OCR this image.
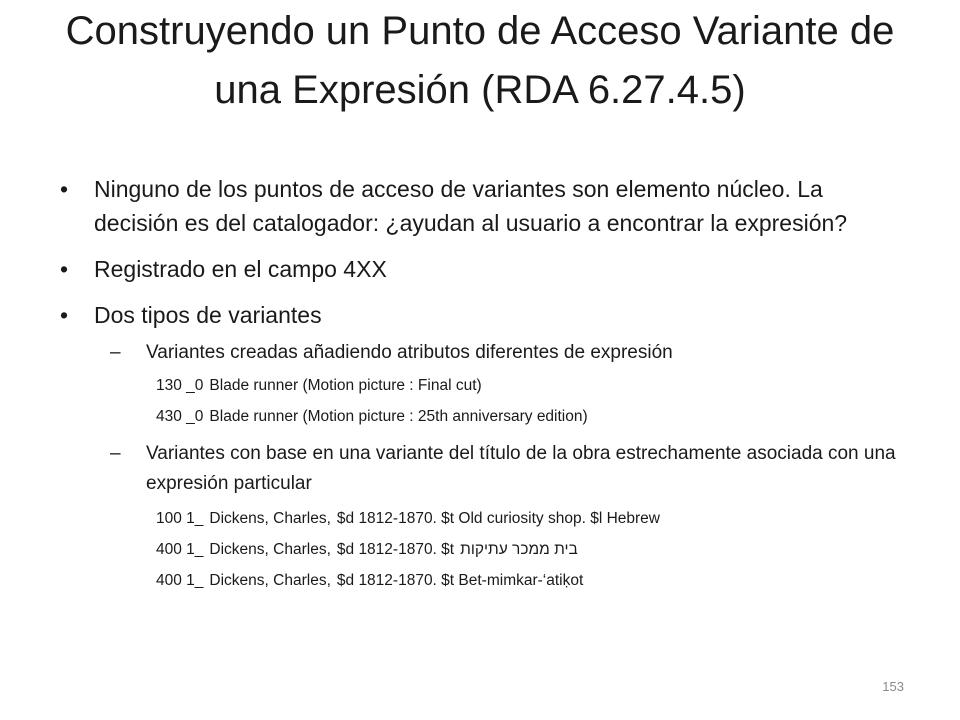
Construyendo un Punto de Acceso Variante de una Expresión (RDA 6.27.4.5)
• Ninguno de los puntos de acceso de variantes son elemento núcleo. La decisión es del catalogador: ¿ayudan al usuario a encontrar la expresión?
• Registrado en el campo 4XX
• Dos tipos de variantes
– Variantes creadas añadiendo atributos diferentes de expresión
130 _0 Blade runner (Motion picture : Final cut)
430 _0 Blade runner (Motion picture : 25th anniversary edition)
– Variantes con base en una variante del título de la obra estrechamente asociada con una expresión particular
100 1_ Dickens, Charles, $d 1812-1870. $t Old curiosity shop. $l Hebrew
400 1_ Dickens, Charles, $d 1812-1870. $t בית ממכר עתיקות
400 1_ Dickens, Charles, $d 1812-1870. $t Bet-mimkar-‘atiḳot
153
